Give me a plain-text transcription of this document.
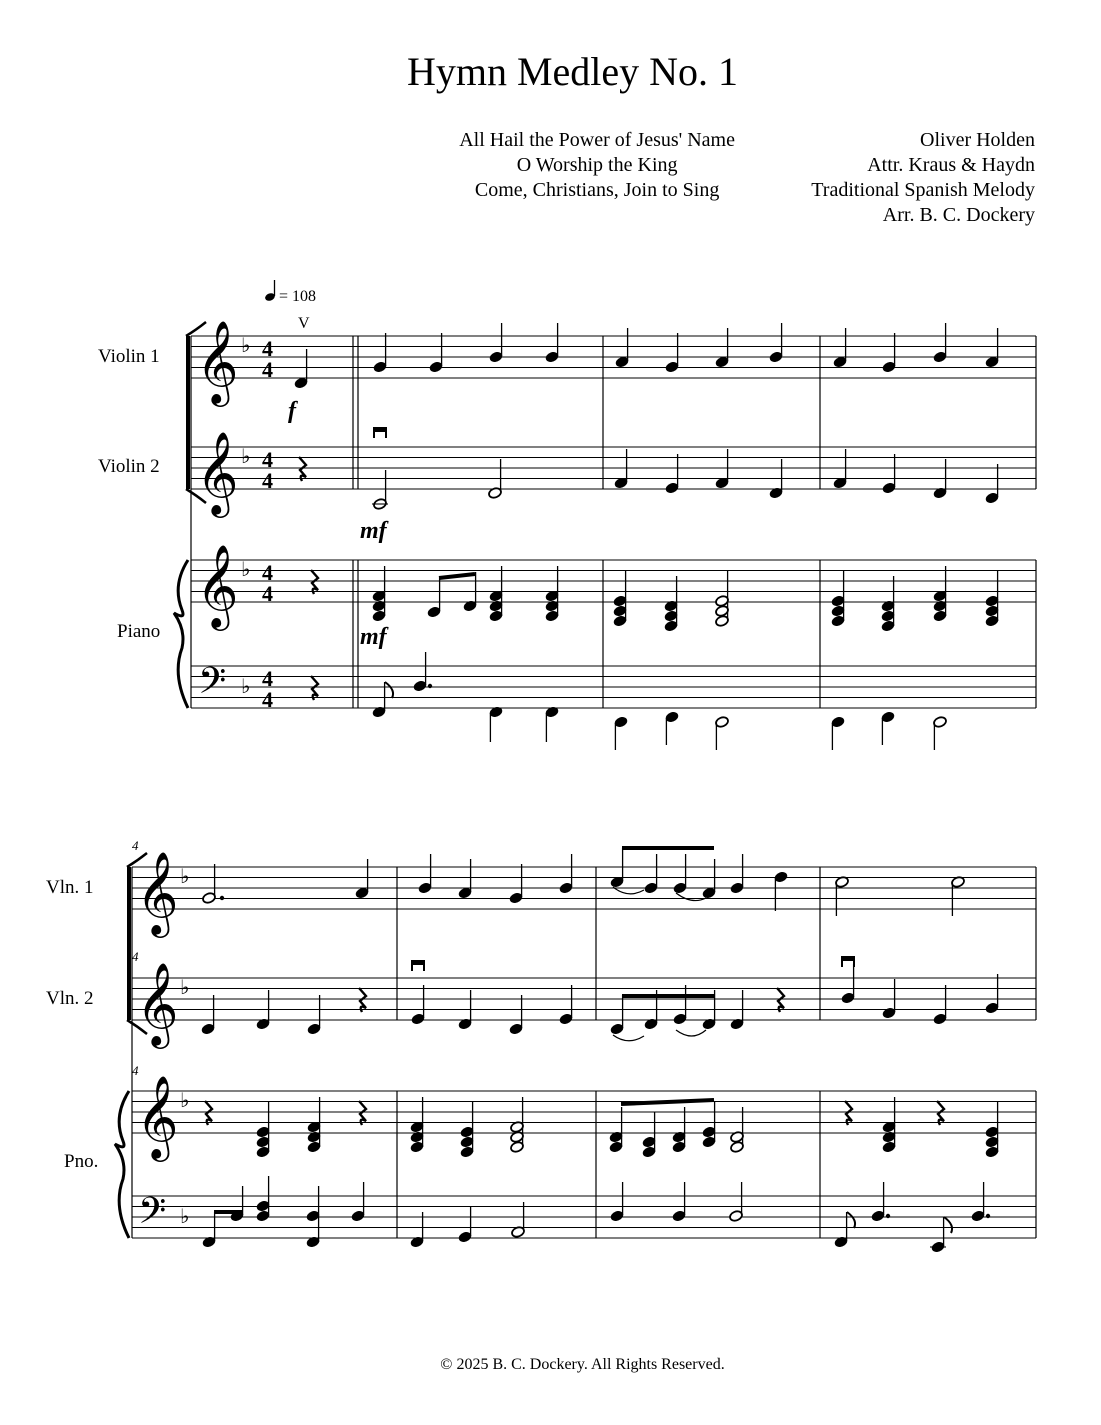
Hymn Medley No. 1
All Hail the Power of Jesus' Name
O Worship the King
Come, Christians, Join to Sing
Oliver Holden
Attr. Kraus & Haydn
Traditional Spanish Melody
Arr. B. C. Dockery
Violin 1
Violin 2
Piano
= 108
f
mf
mf
V
Vln. 1
Vln. 2
Pno.
4
4
4
𝄞
𝄞
𝄞
𝄢
♭
♭
♭
♭
4
4
4
4
4
4
4
4
𝄞
𝄞
𝄞
𝄢
♭
♭
♭
♭
© 2025 B. C. Dockery. All Rights Reserved.
